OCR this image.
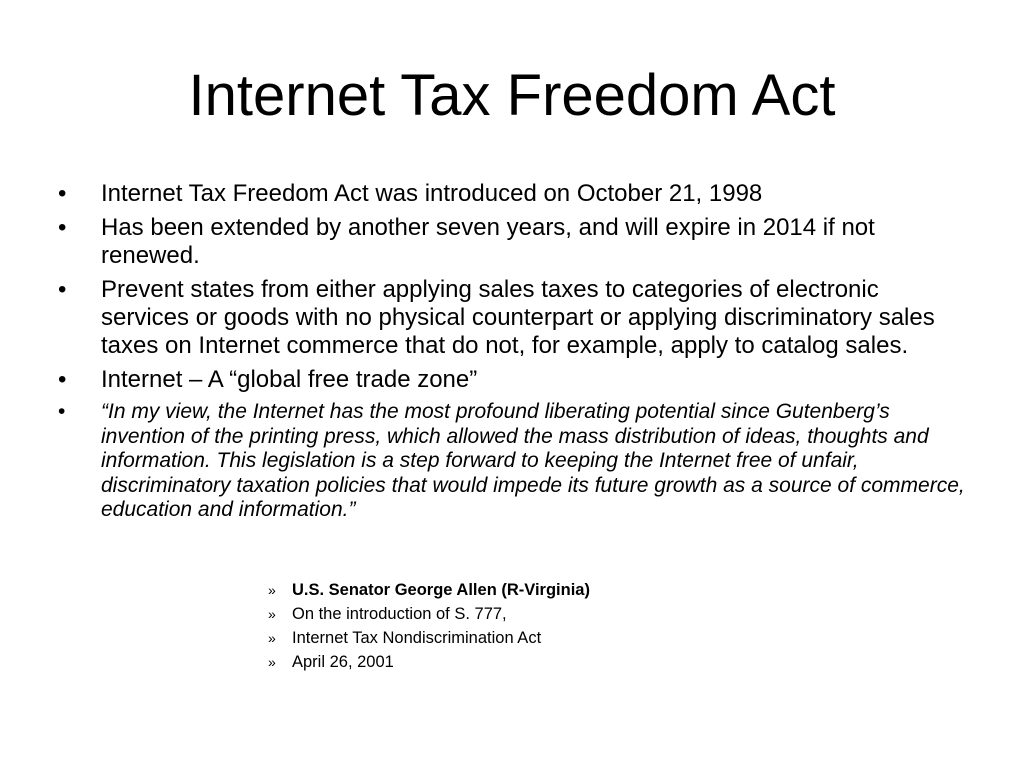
Internet Tax Freedom Act
• Internet Tax Freedom Act was introduced on October 21, 1998
• Has been extended by another seven years, and will expire in 2014 if not renewed.
• Prevent states from either applying sales taxes to categories of electronic services or goods with no physical counterpart or applying discriminatory sales taxes on Internet commerce that do not, for example, apply to catalog sales.
• Internet – A “global free trade zone”
• “In my view, the Internet has the most profound liberating potential since Gutenberg’s invention of the printing press, which allowed the mass distribution of ideas, thoughts and information. This legislation is a step forward to keeping the Internet free of unfair, discriminatory taxation policies that would impede its future growth as a source of commerce, education and information.”
» U.S. Senator George Allen (R-Virginia)
» On the introduction of S. 777,
» Internet Tax Nondiscrimination Act
» April 26, 2001
